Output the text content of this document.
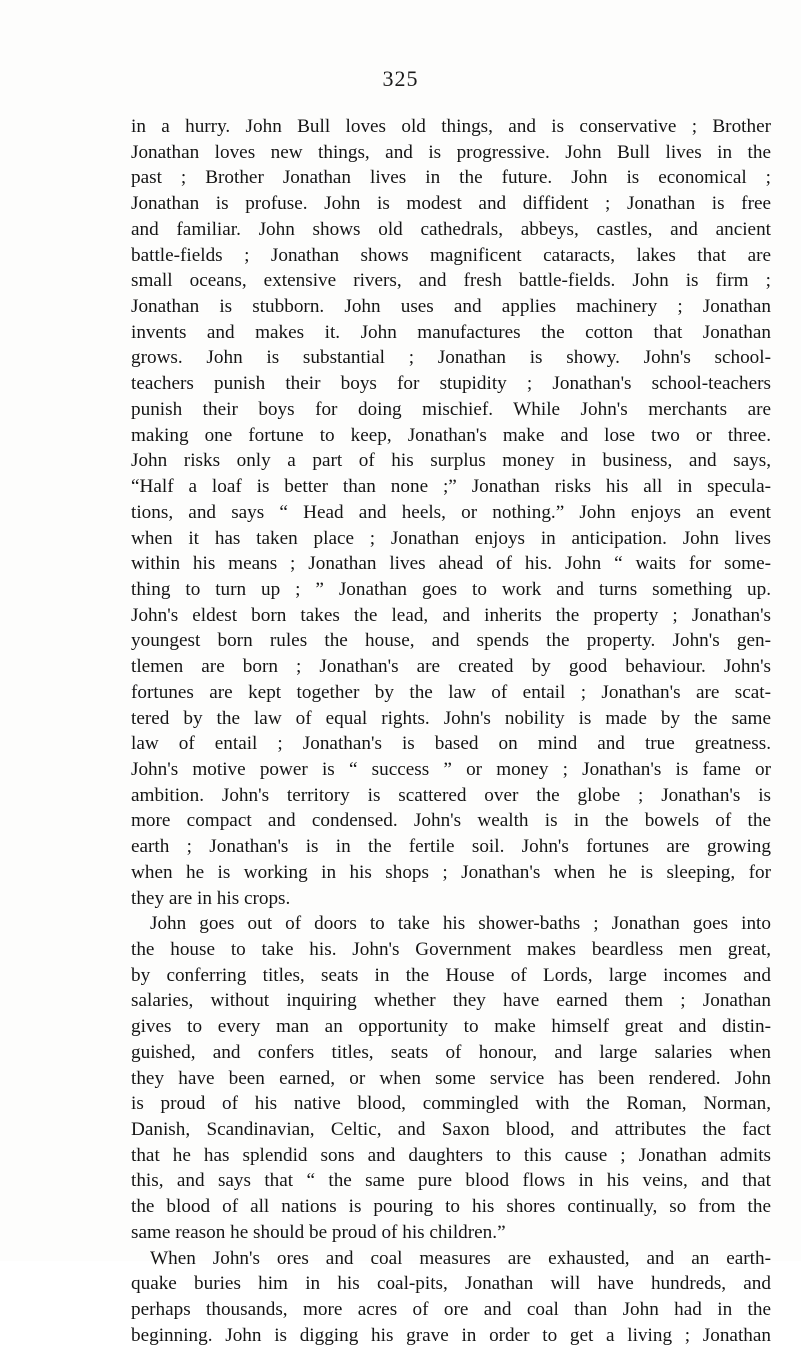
325
in a hurry. John Bull loves old things, and is conservative ; Brother
Jonathan loves new things, and is progressive. John Bull lives in the
past ; Brother Jonathan lives in the future. John is economical ;
Jonathan is profuse. John is modest and diffident ; Jonathan is free
and familiar. John shows old cathedrals, abbeys, castles, and ancient
battle-fields ; Jonathan shows magnificent cataracts, lakes that are
small oceans, extensive rivers, and fresh battle-fields. John is firm ;
Jonathan is stubborn. John uses and applies machinery ; Jonathan
invents and makes it. John manufactures the cotton that Jonathan
grows. John is substantial ; Jonathan is showy. John's school-
teachers punish their boys for stupidity ; Jonathan's school-teachers
punish their boys for doing mischief. While John's merchants are
making one fortune to keep, Jonathan's make and lose two or three.
John risks only a part of his surplus money in business, and says,
“Half a loaf is better than none ;” Jonathan risks his all in specula-
tions, and says “ Head and heels, or nothing.” John enjoys an event
when it has taken place ; Jonathan enjoys in anticipation. John lives
within his means ; Jonathan lives ahead of his. John “ waits for some-
thing to turn up ; ” Jonathan goes to work and turns something up.
John's eldest born takes the lead, and inherits the property ; Jonathan's
youngest born rules the house, and spends the property. John's gen-
tlemen are born ; Jonathan's are created by good behaviour. John's
fortunes are kept together by the law of entail ; Jonathan's are scat-
tered by the law of equal rights. John's nobility is made by the same
law of entail ; Jonathan's is based on mind and true greatness.
John's motive power is “ success ” or money ; Jonathan's is fame or
ambition. John's territory is scattered over the globe ; Jonathan's is
more compact and condensed. John's wealth is in the bowels of the
earth ; Jonathan's is in the fertile soil. John's fortunes are growing
when he is working in his shops ; Jonathan's when he is sleeping, for
they are in his crops.
John goes out of doors to take his shower-baths ; Jonathan goes into
the house to take his. John's Government makes beardless men great,
by conferring titles, seats in the House of Lords, large incomes and
salaries, without inquiring whether they have earned them ; Jonathan
gives to every man an opportunity to make himself great and distin-
guished, and confers titles, seats of honour, and large salaries when
they have been earned, or when some service has been rendered. John
is proud of his native blood, commingled with the Roman, Norman,
Danish, Scandinavian, Celtic, and Saxon blood, and attributes the fact
that he has splendid sons and daughters to this cause ; Jonathan admits
this, and says that “ the same pure blood flows in his veins, and that
the blood of all nations is pouring to his shores continually, so from the
same reason he should be proud of his children.”
When John's ores and coal measures are exhausted, and an earth-
quake buries him in his coal-pits, Jonathan will have hundreds, and
perhaps thousands, more acres of ore and coal than John had in the
beginning. John is digging his grave in order to get a living ; Jonathan
